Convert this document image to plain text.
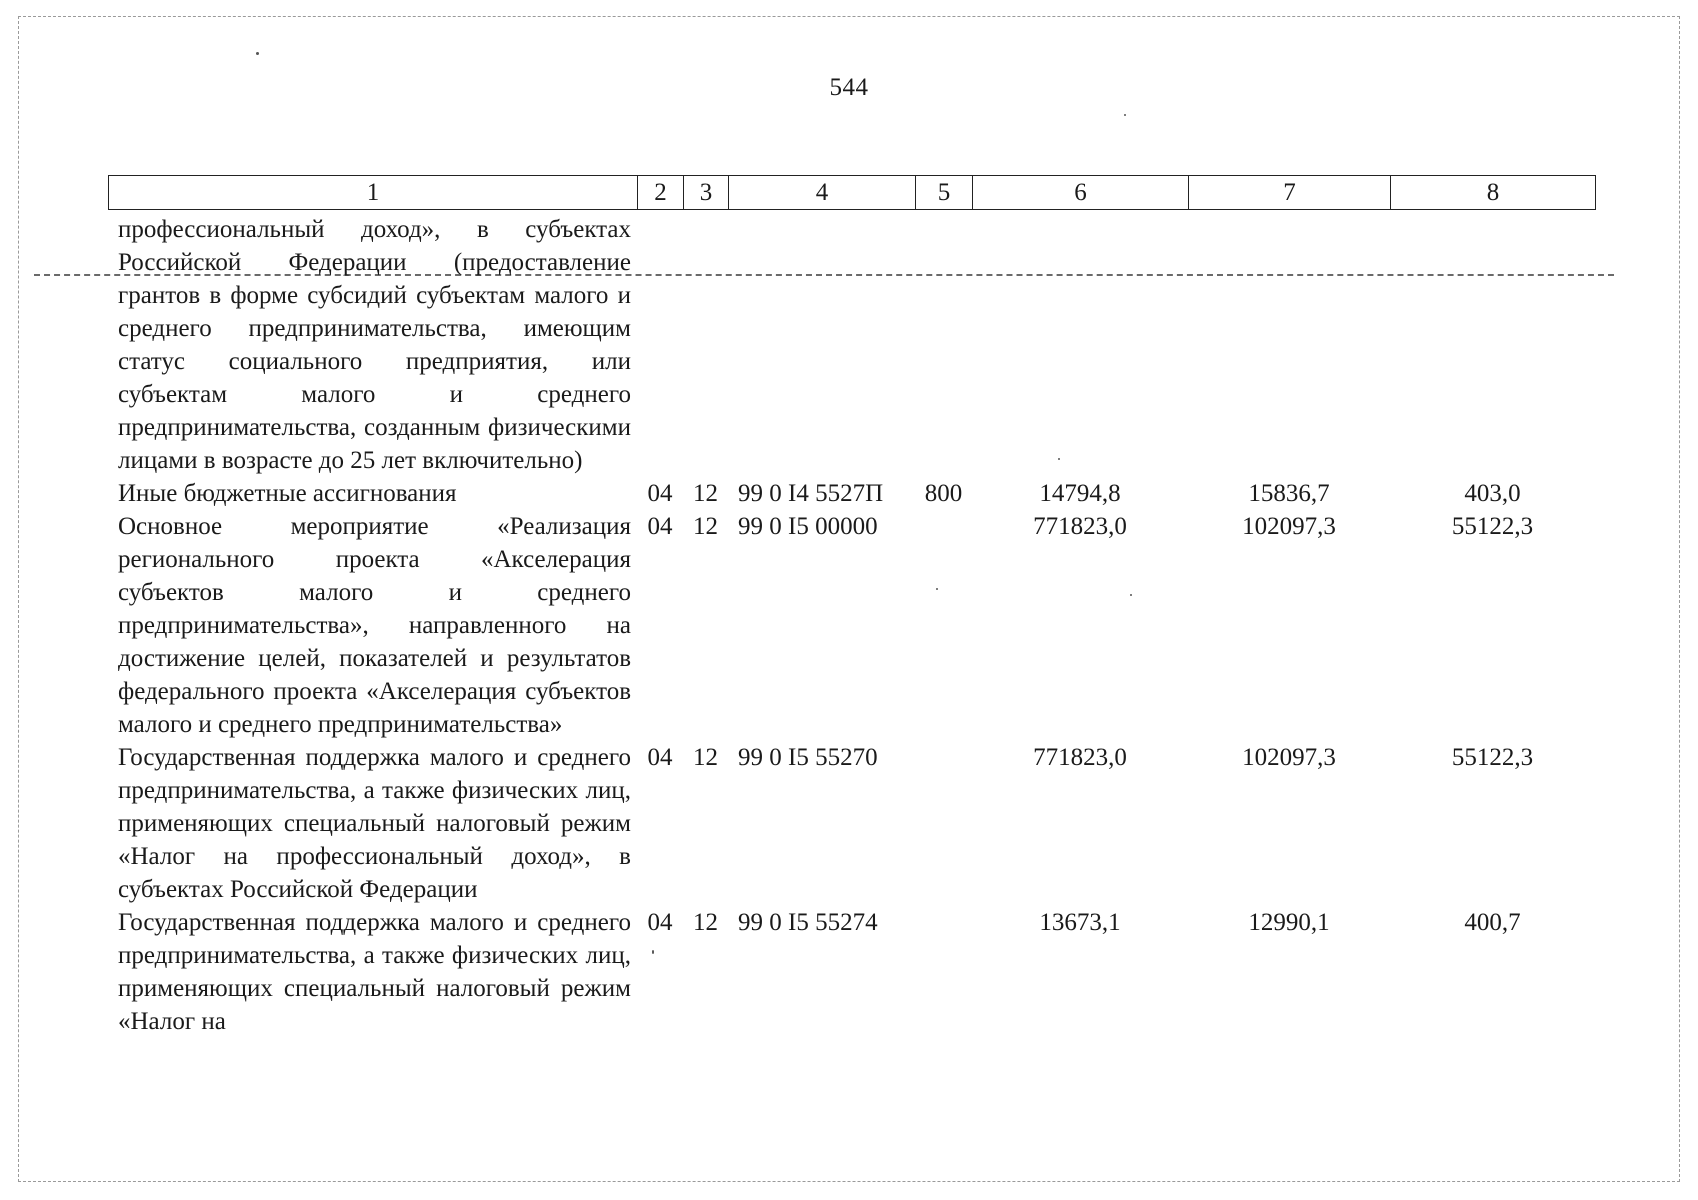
544
1	2	3	4	5	6	7	8
профессиональный доход», в субъектах Российской Федерации (предоставление грантов в форме субсидий субъектам малого и среднего предпринимательства, имеющим статус социального предприятия, или субъектам малого и среднего предпринимательства, созданным физическими лицами в возрасте до 25 лет включительно)							

Иные бюджетные ассигнования	04	12	99 0 I4 5527П	800	14794,8	15836,7	403,0

Основное мероприятие «Реализация регионального проекта «Акселерация субъектов малого и среднего предпринимательства», направленного на достижение целей, показателей и результатов федерального проекта «Акселерация субъектов малого и среднего предпринимательства»	04	12	99 0 I5 00000		771823,0	102097,3	55122,3

Государственная поддержка малого и среднего предпринимательства, а также физических лиц, применяющих специальный налоговый режим «Налог на профессиональный доход», в субъектах Российской Федерации	04	12	99 0 I5 55270		771823,0	102097,3	55122,3

Государственная поддержка малого и среднего предпринимательства, а также физических лиц, применяющих специальный налоговый режим «Налог на	04	12	99 0 I5 55274		13673,1	12990,1	400,7
